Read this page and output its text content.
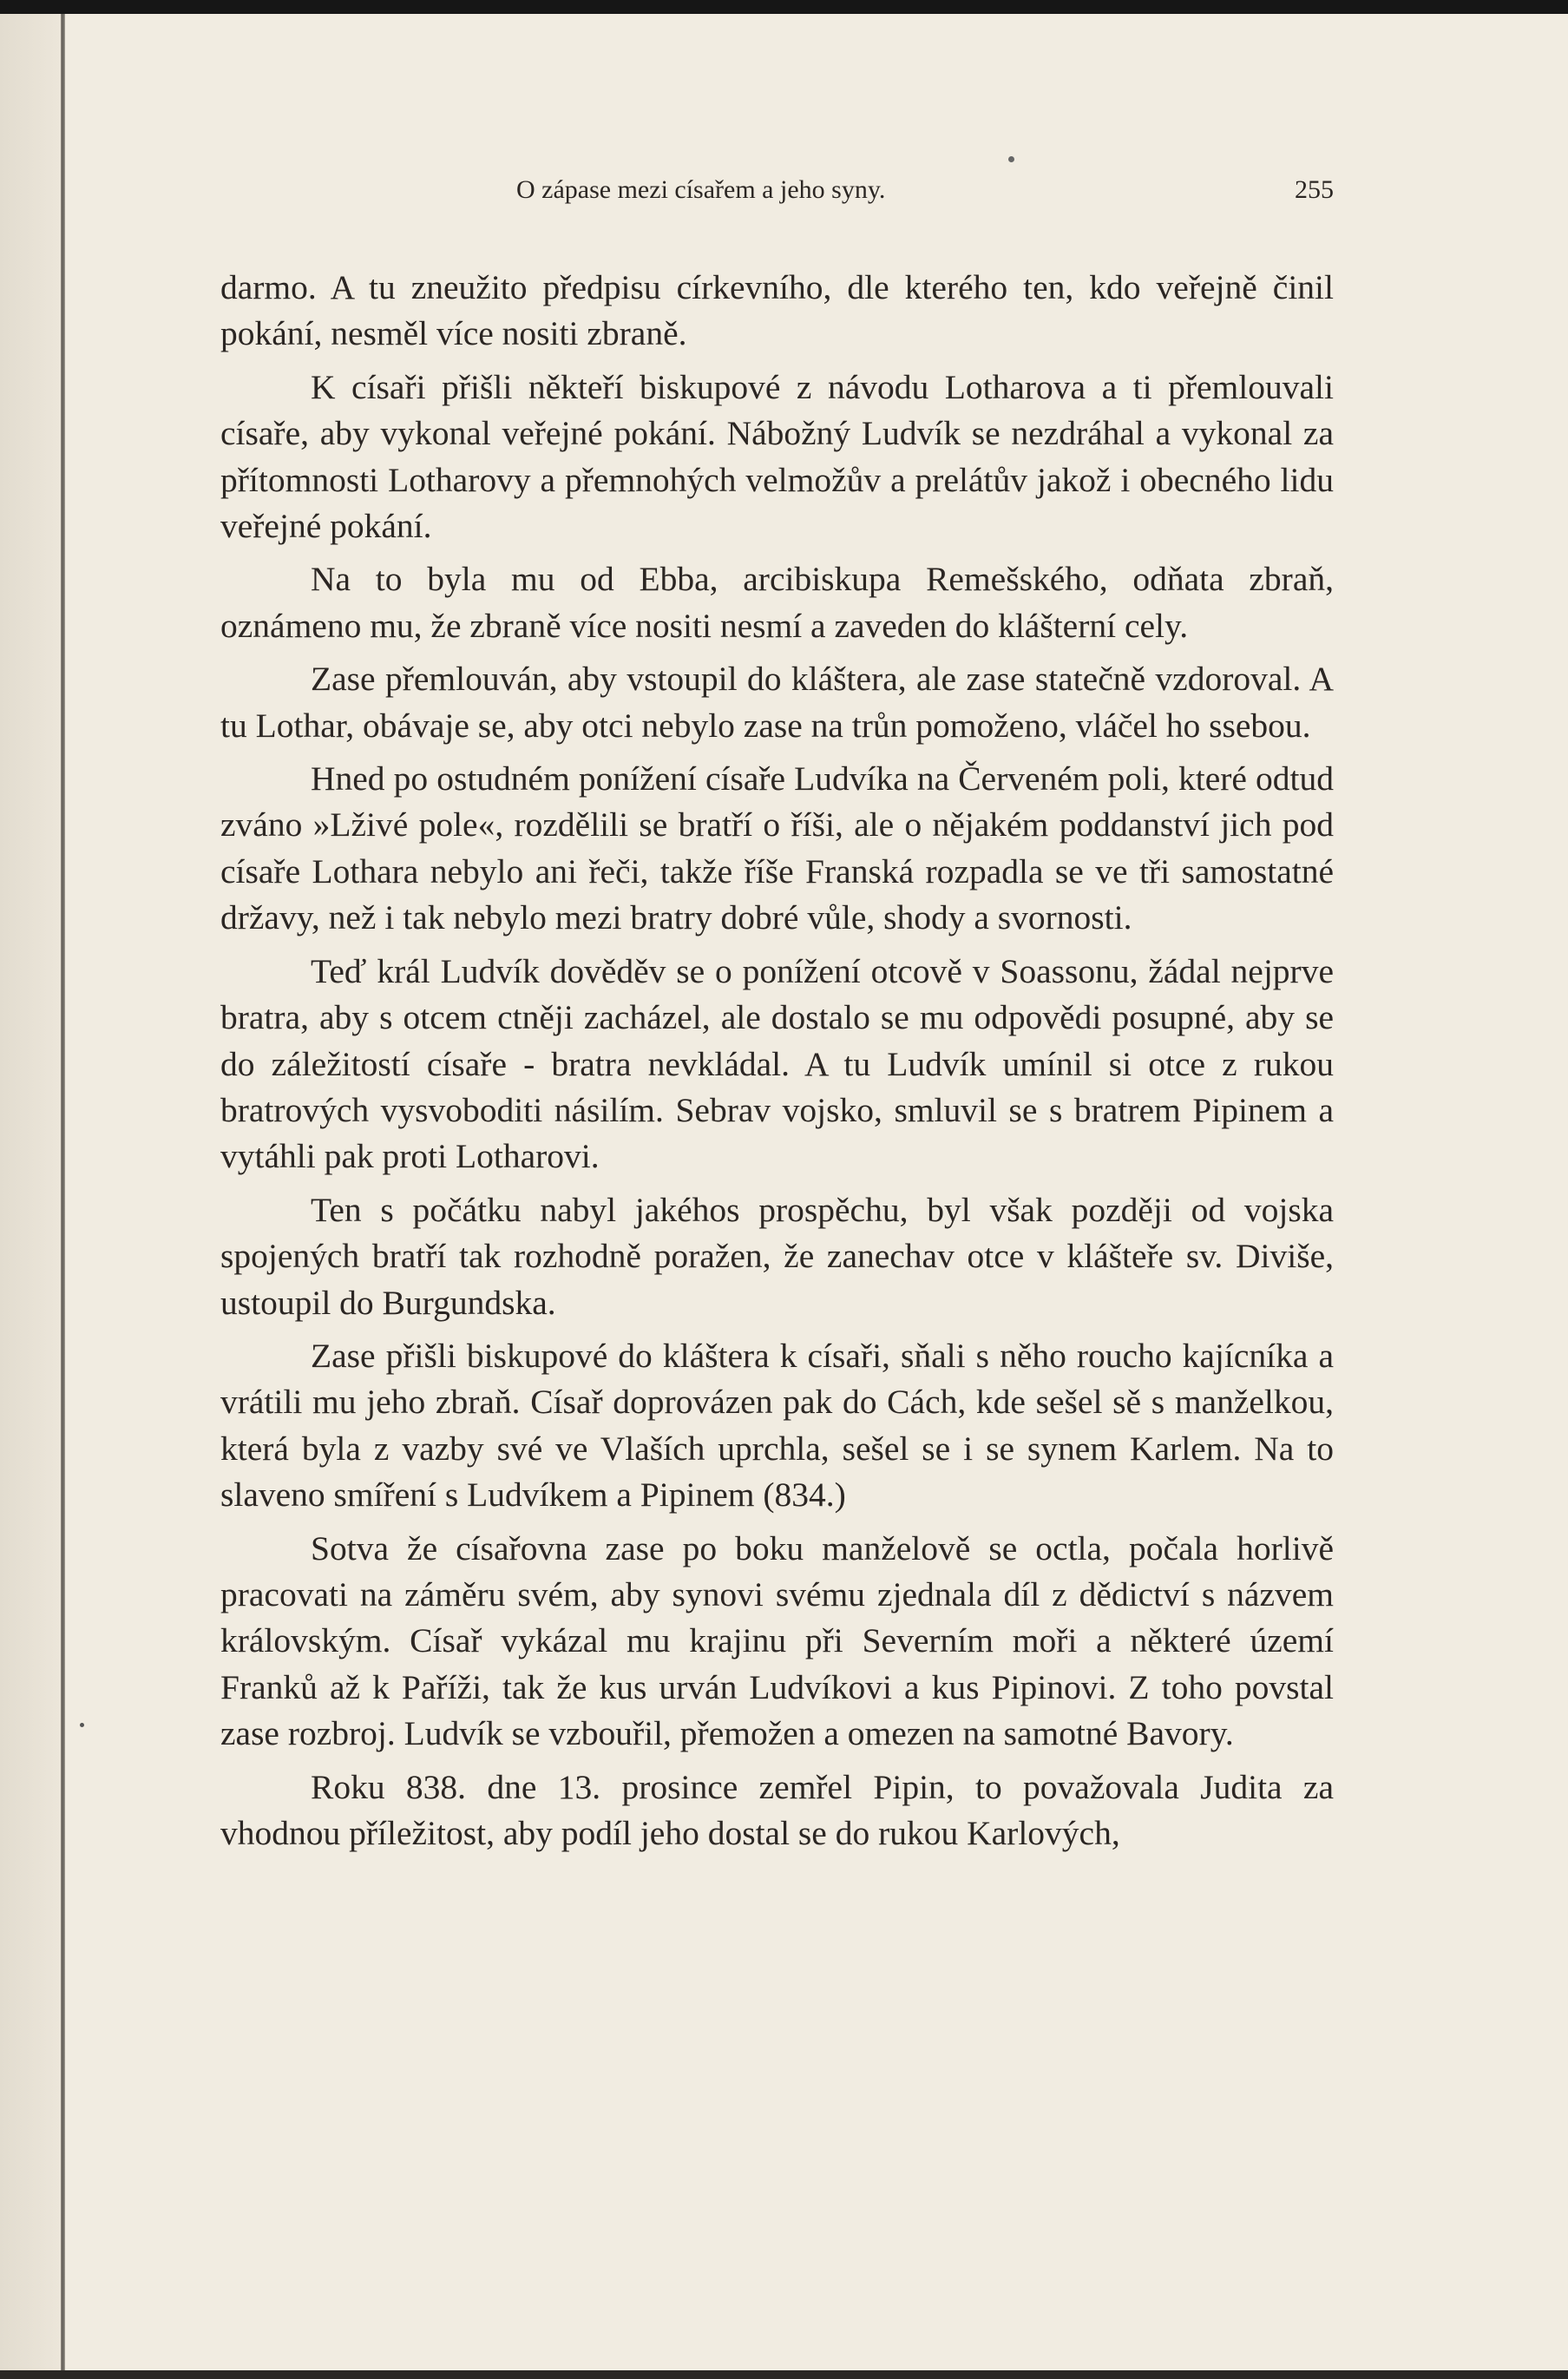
O zápase mezi císařem a jeho syny.	255

darmo. A tu zneužito předpisu církevního, dle kterého ten, kdo veřejně činil pokání, nesměl více nositi zbraně.

K císaři přišli někteří biskupové z návodu Lotharova a ti přemlouvali císaře, aby vykonal veřejné pokání. Nábožný Ludvík se nezdráhal a vykonal za přítomnosti Lotharovy a přemnohých velmožův a prelátův jakož i obecného lidu veřejné pokání.

Na to byla mu od Ebba, arcibiskupa Remešského, odňata zbraň, oznámeno mu, že zbraně více nositi nesmí a zaveden do klášterní cely.

Zase přemlouván, aby vstoupil do kláštera, ale zase statečně vzdoroval. A tu Lothar, obávaje se, aby otci nebylo zase na trůn pomoženo, vláčel ho ssebou.

Hned po ostudném ponížení císaře Ludvíka na Červeném poli, které odtud zváno »Lživé pole«, rozdělili se bratří o říši, ale o nějakém poddanství jich pod císaře Lothara nebylo ani řeči, takže říše Franská rozpadla se ve tři samostatné državy, než i tak nebylo mezi bratry dobré vůle, shody a svornosti.

Teď král Ludvík dověděv se o ponížení otcově v Soassonu, žádal nejprve bratra, aby s otcem ctněji zacházel, ale dostalo se mu odpovědi posupné, aby se do záležitostí císaře - bratra nevkládal. A tu Ludvík umínil si otce z rukou bratrových vysvoboditi násilím. Sebrav vojsko, smluvil se s bratrem Pipinem a vytáhli pak proti Lotharovi.

Ten s počátku nabyl jakéhos prospěchu, byl však později od vojska spojených bratří tak rozhodně poražen, že zanechav otce v klášteře sv. Diviše, ustoupil do Burgundska.

Zase přišli biskupové do kláštera k císaři, sňali s něho roucho kajícníka a vrátili mu jeho zbraň. Císař doprovázen pak do Cách, kde sešel sě s manželkou, která byla z vazby své ve Vlaších uprchla, sešel se i se synem Karlem. Na to slaveno smíření s Ludvíkem a Pipinem (834.)

Sotva že císařovna zase po boku manželově se octla, počala horlivě pracovati na záměru svém, aby synovi svému zjednala díl z dědictví s názvem královským. Císař vykázal mu krajinu při Severním moři a některé území Franků až k Paříži, tak že kus urván Ludvíkovi a kus Pipinovi. Z toho povstal zase rozbroj. Ludvík se vzbouřil, přemožen a omezen na samotné Bavory.

Roku 838. dne 13. prosince zemřel Pipin, to považovala Judita za vhodnou příležitost, aby podíl jeho dostal se do rukou Karlových,
